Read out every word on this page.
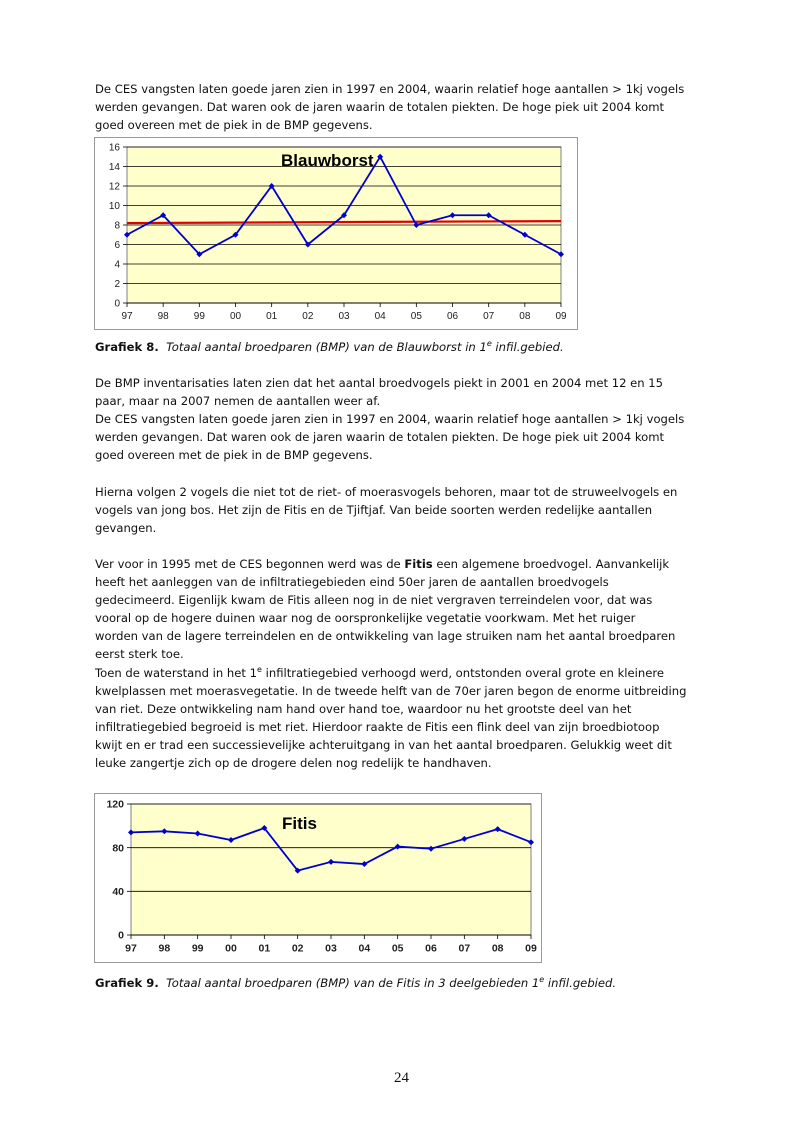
De CES vangsten laten goede jaren zien in 1997 en 2004, waarin relatief hoge aantallen > 1kj vogels
werden gevangen. Dat waren ook de jaren waarin de totalen piekten. De hoge piek uit 2004 komt
goed overeen met de piek in de BMP gegevens.
0
2
4
6
8
10
12
14
16
97	98	99	00	01	02	03	04	05	06	07	08	09
Blauwborst
Grafiek 8. Totaal aantal broedparen (BMP) van de Blauwborst in 1e infil.gebied.
De BMP inventarisaties laten zien dat het aantal broedvogels piekt in 2001 en 2004 met 12 en 15
paar, maar na 2007 nemen de aantallen weer af.
De CES vangsten laten goede jaren zien in 1997 en 2004, waarin relatief hoge aantallen > 1kj vogels
werden gevangen. Dat waren ook de jaren waarin de totalen piekten. De hoge piek uit 2004 komt
goed overeen met de piek in de BMP gegevens.
Hierna volgen 2 vogels die niet tot de riet- of moerasvogels behoren, maar tot de struweelvogels en
vogels van jong bos. Het zijn de Fitis en de Tjiftjaf. Van beide soorten werden redelijke aantallen
gevangen.
Ver voor in 1995 met de CES begonnen werd was de Fitis een algemene broedvogel. Aanvankelijk
heeft het aanleggen van de infiltratiegebieden eind 50er jaren de aantallen broedvogels
gedecimeerd. Eigenlijk kwam de Fitis alleen nog in de niet vergraven terreindelen voor, dat was
vooral op de hogere duinen waar nog de oorspronkelijke vegetatie voorkwam. Met het ruiger
worden van de lagere terreindelen en de ontwikkeling van lage struiken nam het aantal broedparen
eerst sterk toe.
Toen de waterstand in het 1e infiltratiegebied verhoogd werd, ontstonden overal grote en kleinere
kwelplassen met moerasvegetatie. In de tweede helft van de 70er jaren begon de enorme uitbreiding
van riet. Deze ontwikkeling nam hand over hand toe, waardoor nu het grootste deel van het
infiltratiegebied begroeid is met riet. Hierdoor raakte de Fitis een flink deel van zijn broedbiotoop
kwijt en er trad een successievelijke achteruitgang in van het aantal broedparen. Gelukkig weet dit
leuke zangertje zich op de drogere delen nog redelijk te handhaven.
0
40
80
120
97 98 99 00 01 02 03 04 05 06 07 08 09
Fitis
Grafiek 9. Totaal aantal broedparen (BMP) van de Fitis in 3 deelgebieden 1e infil.gebied.
24
